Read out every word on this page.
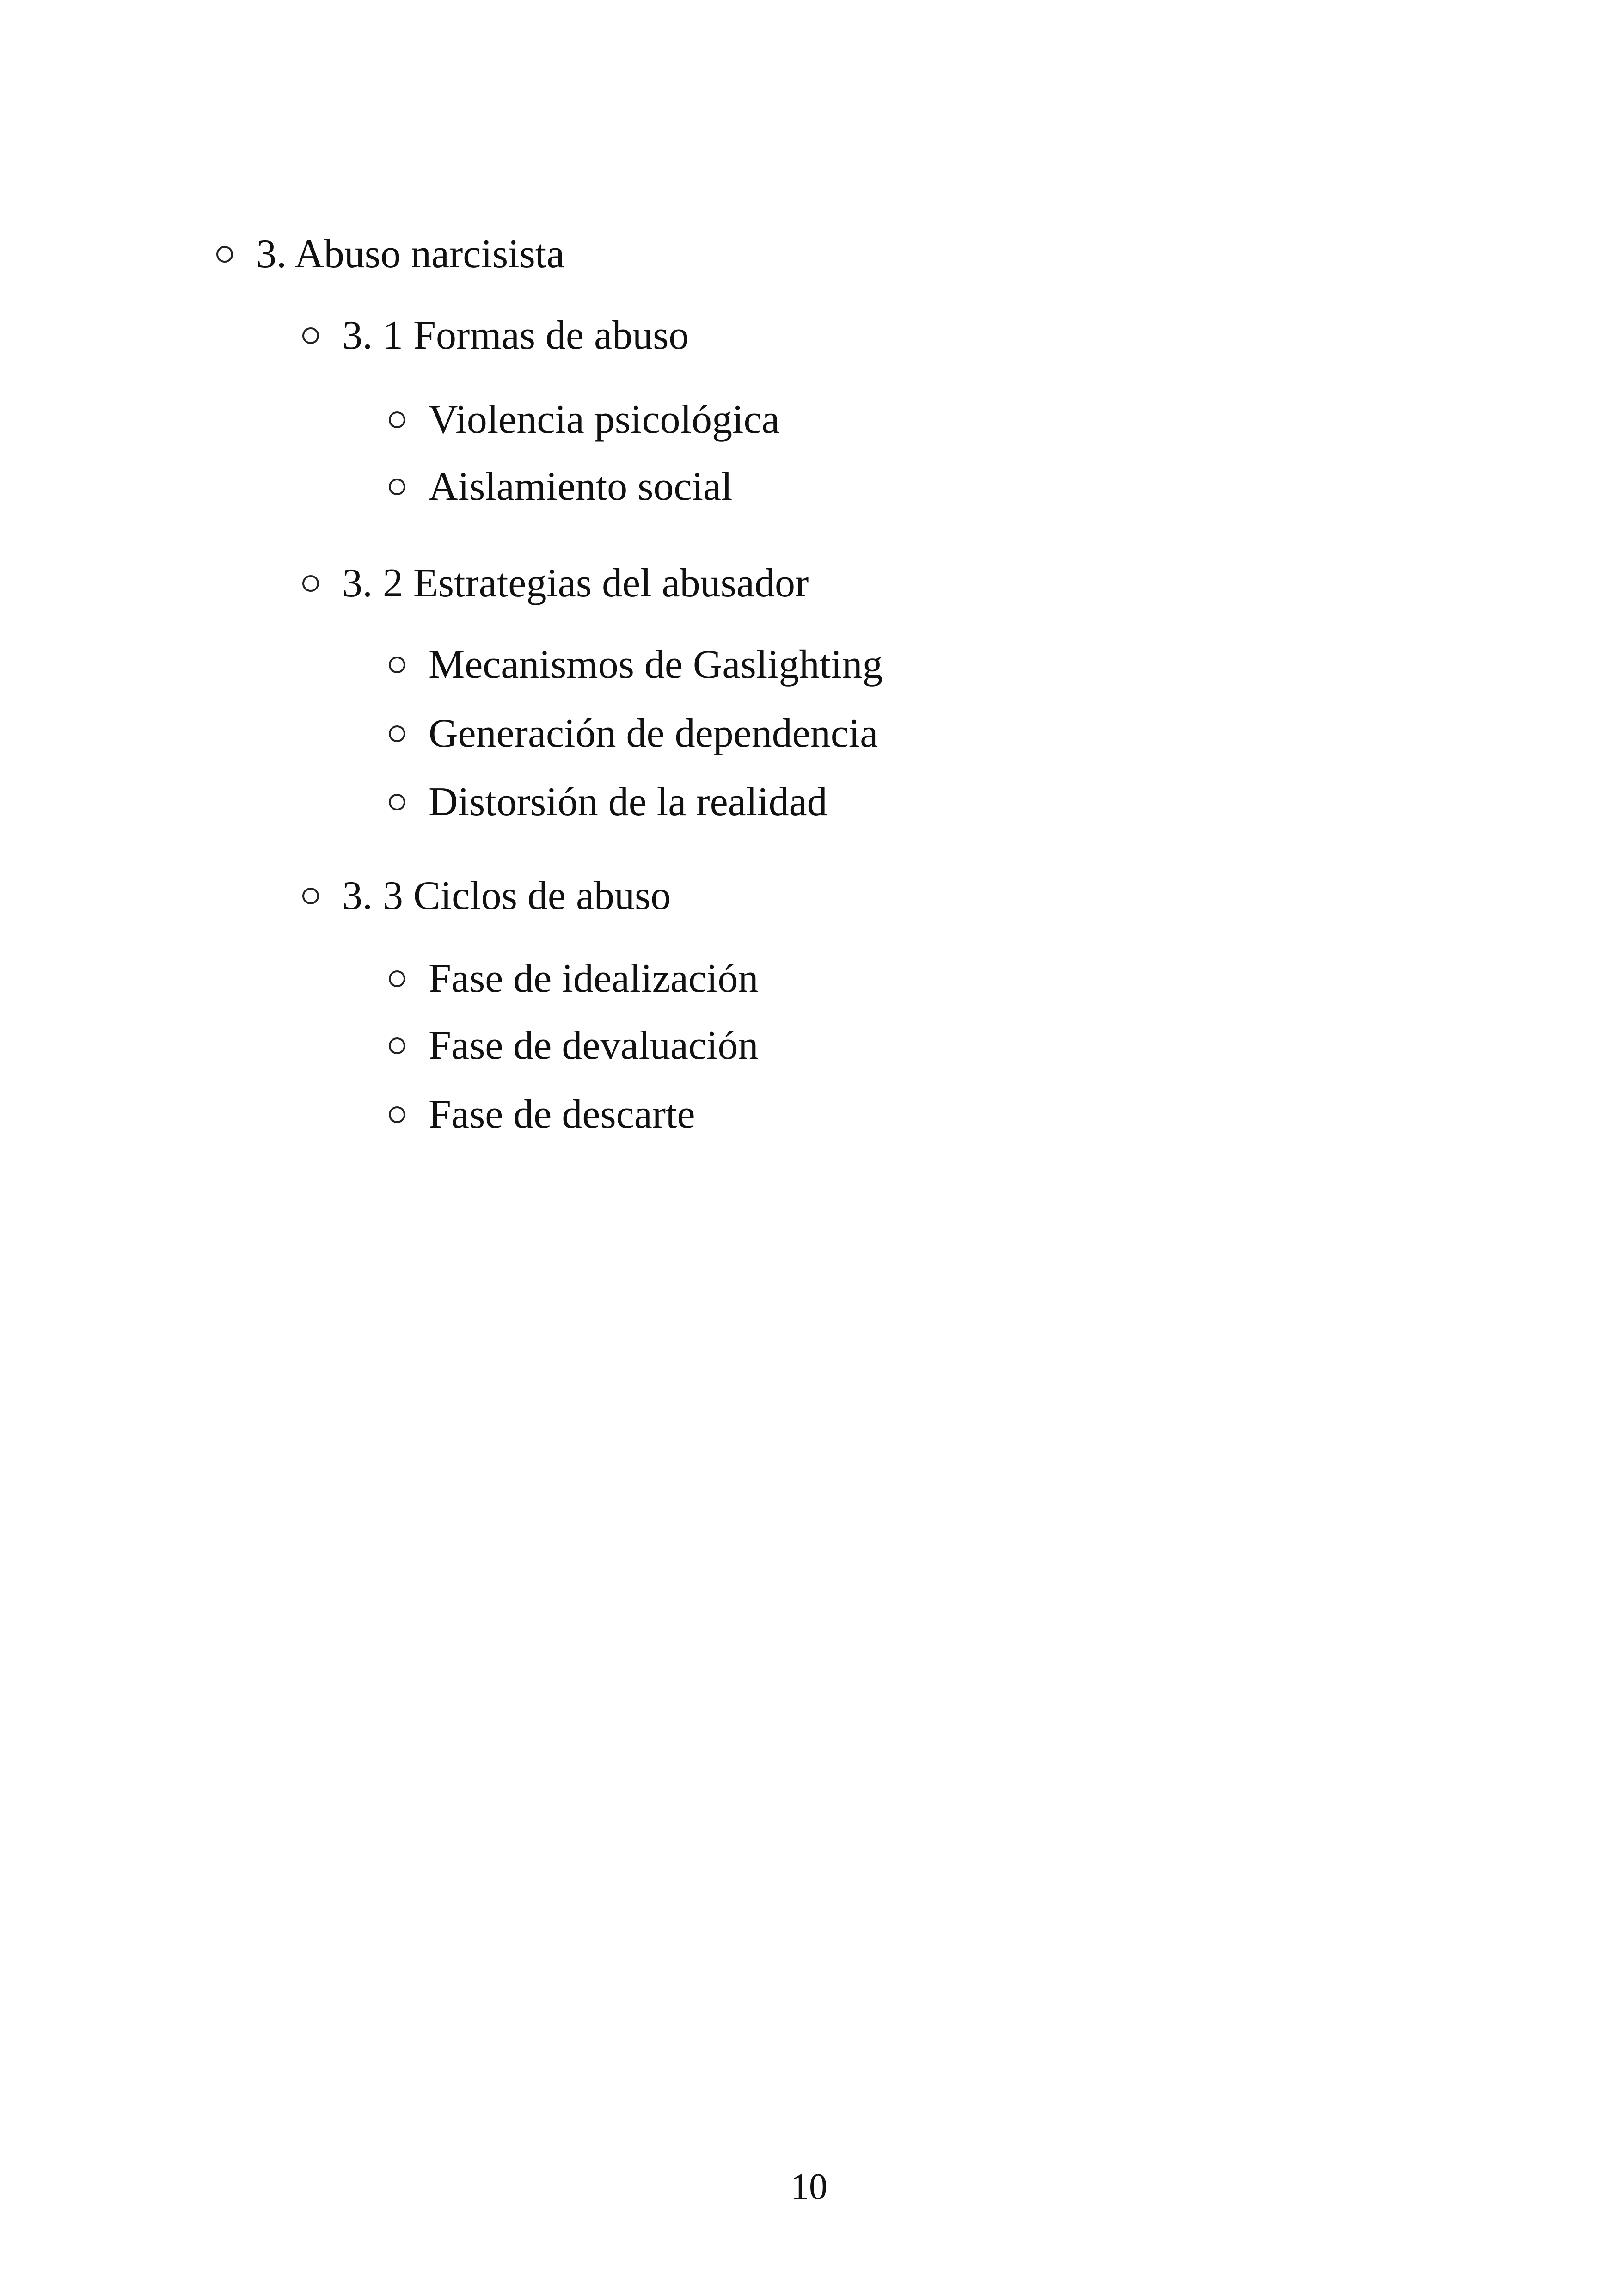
3. Abuso narcisista
3. 1 Formas de abuso
Violencia psicológica
Aislamiento social
3. 2 Estrategias del abusador
Mecanismos de Gaslighting
Generación de dependencia
Distorsión de la realidad
3. 3 Ciclos de abuso
Fase de idealización
Fase de devaluación
Fase de descarte
10
